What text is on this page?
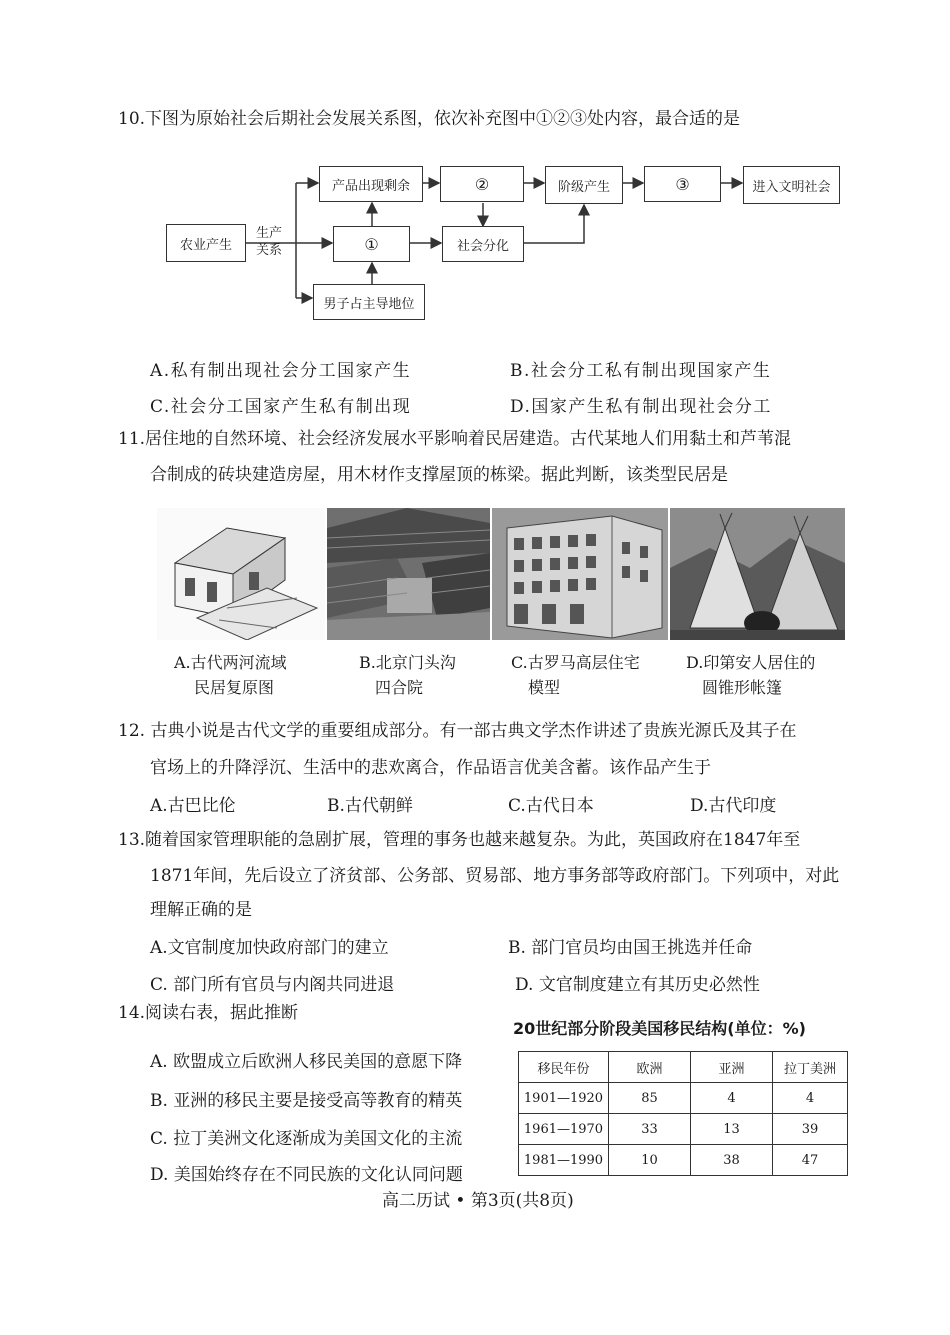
10.下图为原始社会后期社会发展关系图，依次补充图中①②③处内容，最合适的是
农业产生
生产
关系
产品出现剩余	②	阶级产生	③	进入文明社会
①	社会分化
男子占主导地位
A.私有制出现社会分工国家产生	B.社会分工私有制出现国家产生
C.社会分工国家产生私有制出现	D.国家产生私有制出现社会分工
11.居住地的自然环境、社会经济发展水平影响着民居建造。古代某地人们用黏土和芦苇混
合制成的砖块建造房屋，用木材作支撑屋顶的栋梁。据此判断，该类型民居是
A.古代两河流域
民居复原图
B.北京门头沟
四合院
C.古罗马高层住宅
模型
D.印第安人居住的
圆锥形帐篷
12. 古典小说是古代文学的重要组成部分。有一部古典文学杰作讲述了贵族光源氏及其子在
官场上的升降浮沉、生活中的悲欢离合，作品语言优美含蓄。该作品产生于
A.古巴比伦	B.古代朝鲜	C.古代日本	D.古代印度
13.随着国家管理职能的急剧扩展，管理的事务也越来越复杂。为此，英国政府在1847年至
1871年间，先后设立了济贫部、公务部、贸易部、地方事务部等政府部门。下列项中，对此
理解正确的是
A.文官制度加快政府部门的建立	B. 部门官员均由国王挑选并任命
C. 部门所有官员与内阁共同进退	D. 文官制度建立有其历史必然性
14.阅读右表，据此推断
A. 欧盟成立后欧洲人移民美国的意愿下降
B. 亚洲的移民主要是接受高等教育的精英
C. 拉丁美洲文化逐渐成为美国文化的主流
D. 美国始终存在不同民族的文化认同问题
20世纪部分阶段美国移民结构(单位：%)
移民年份	欧洲	亚洲	拉丁美洲
1901—1920	85	4	4
1961—1970	33	13	39
1981—1990	10	38	47
高二历试 • 第3页(共8页)
